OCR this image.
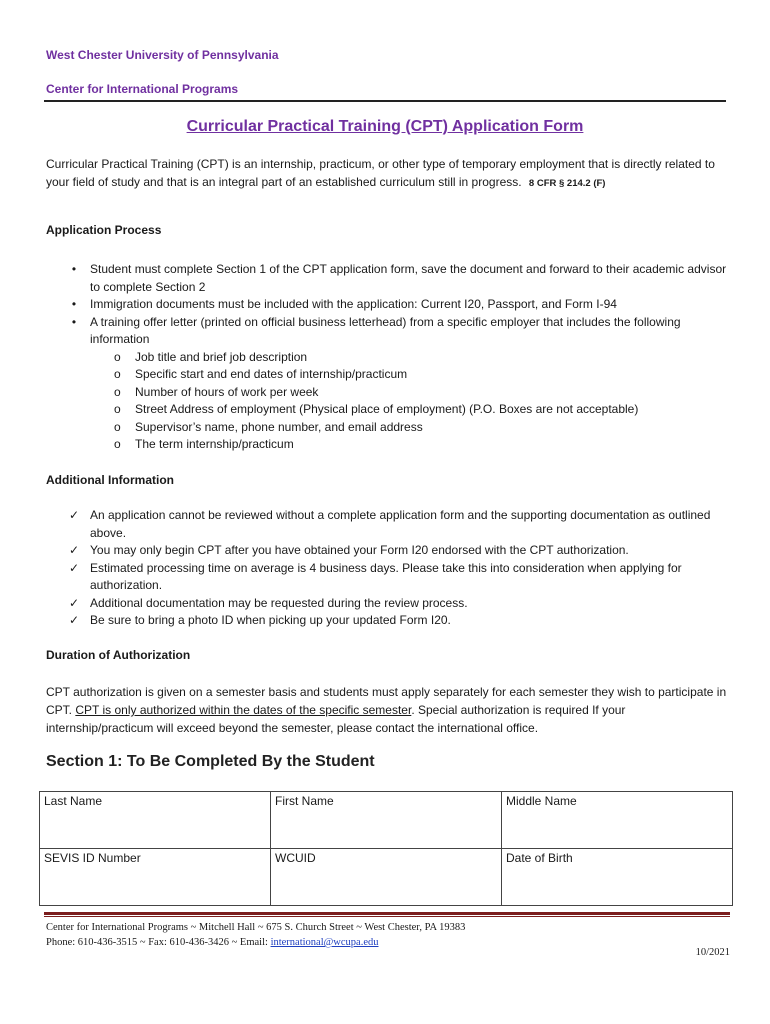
West Chester University of Pennsylvania
Center for International Programs
Curricular Practical Training (CPT) Application Form
Curricular Practical Training (CPT) is an internship, practicum, or other type of temporary employment that is directly related to your field of study and that is an integral part of an established curriculum still in progress. 8 CFR § 214.2 (F)
Application Process
•	Student must complete Section 1 of the CPT application form, save the document and forward to their academic advisor to complete Section 2
•	Immigration documents must be included with the application: Current I20, Passport, and Form I-94
•	A training offer letter (printed on official business letterhead) from a specific employer that includes the following information
o Job title and brief job description
o Specific start and end dates of internship/practicum
o Number of hours of work per week
o Street Address of employment (Physical place of employment) (P.O. Boxes are not acceptable)
o Supervisor’s name, phone number, and email address
o The term internship/practicum
Additional Information
✓ An application cannot be reviewed without a complete application form and the supporting documentation as outlined above.
✓ You may only begin CPT after you have obtained your Form I20 endorsed with the CPT authorization.
✓ Estimated processing time on average is 4 business days. Please take this into consideration when applying for authorization.
✓ Additional documentation may be requested during the review process.
✓ Be sure to bring a photo ID when picking up your updated Form I20.
Duration of Authorization
CPT authorization is given on a semester basis and students must apply separately for each semester they wish to participate in CPT. CPT is only authorized within the dates of the specific semester. Special authorization is required If your internship/practicum will exceed beyond the semester, please contact the international office.
Section 1: To Be Completed By the Student
Last Name	First Name	Middle Name
SEVIS ID Number	WCUID	Date of Birth
Center for International Programs ~ Mitchell Hall ~ 675 S. Church Street ~ West Chester, PA 19383
Phone: 610-436-3515 ~ Fax: 610-436-3426 ~ Email: international@wcupa.edu
10/2021
